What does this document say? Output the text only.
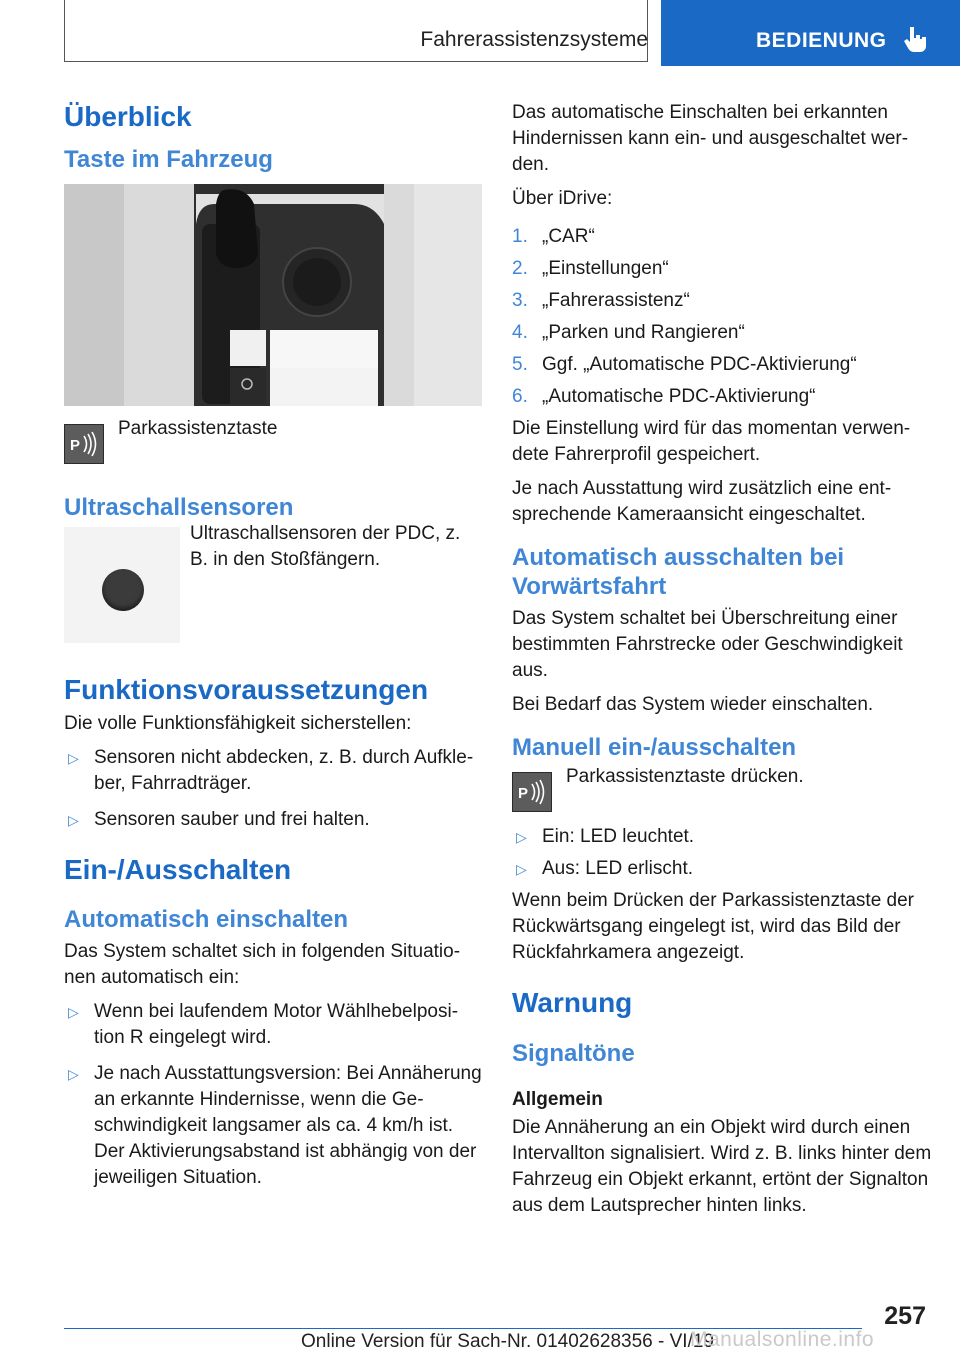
Fahrerassistenzsysteme	BEDIENUNG
Überblick
Taste im Fahrzeug
P
Parkassistenztaste
Ultraschallsensoren

Ultraschallsensoren der PDC, z. B. in den Stoßfängern.

Funktionsvoraussetzungen

Die volle Funktionsfähigkeit sicherstellen:

▷ Sensoren nicht abdecken, z. B. durch Aufkleber, Fahrradträger.
▷ Sensoren sauber und frei halten.
Ein-/Ausschalten
Automatisch einschalten

Das System schaltet sich in folgenden Situationen automatisch ein:

▷ Wenn bei laufendem Motor Wählhebelposition R eingelegt wird.
▷ Je nach Ausstattungsversion: Bei Annäherung an erkannte Hindernisse, wenn die Geschwindigkeit langsamer als ca. 4 km/h ist. Der Aktivierungsabstand ist abhängig von der jeweiligen Situation.

Das automatische Einschalten bei erkannten Hindernissen kann ein- und ausgeschaltet werden.

Über iDrive:

1. „CAR“
2. „Einstellungen“
3. „Fahrerassistenz“
4. „Parken und Rangieren“
5. Ggf. „Automatische PDC-Aktivierung“
6. „Automatische PDC-Aktivierung“

Die Einstellung wird für das momentan verwendete Fahrerprofil gespeichert.

Je nach Ausstattung wird zusätzlich eine entsprechende Kameraansicht eingeschaltet.

Automatisch ausschalten bei Vorwärtsfahrt

Das System schaltet bei Überschreitung einer bestimmten Fahrstrecke oder Geschwindigkeit aus.

Bei Bedarf das System wieder einschalten.

Manuell ein-/ausschalten
P
Parkassistenztaste drücken.
▷ Ein: LED leuchtet.
▷ Aus: LED erlischt.

Wenn beim Drücken der Parkassistenztaste der Rückwärtsgang eingelegt ist, wird das Bild der Rückfahrkamera angezeigt.

Warnung
Signaltöne
Allgemein

Die Annäherung an ein Objekt wird durch einen Intervallton signalisiert. Wird z. B. links hinter dem Fahrzeug ein Objekt erkannt, ertönt der Signalton aus dem Lautsprecher hinten links.

257
Online Version für Sach-Nr. 01402628356 - VI/19
Manualsonline.info
